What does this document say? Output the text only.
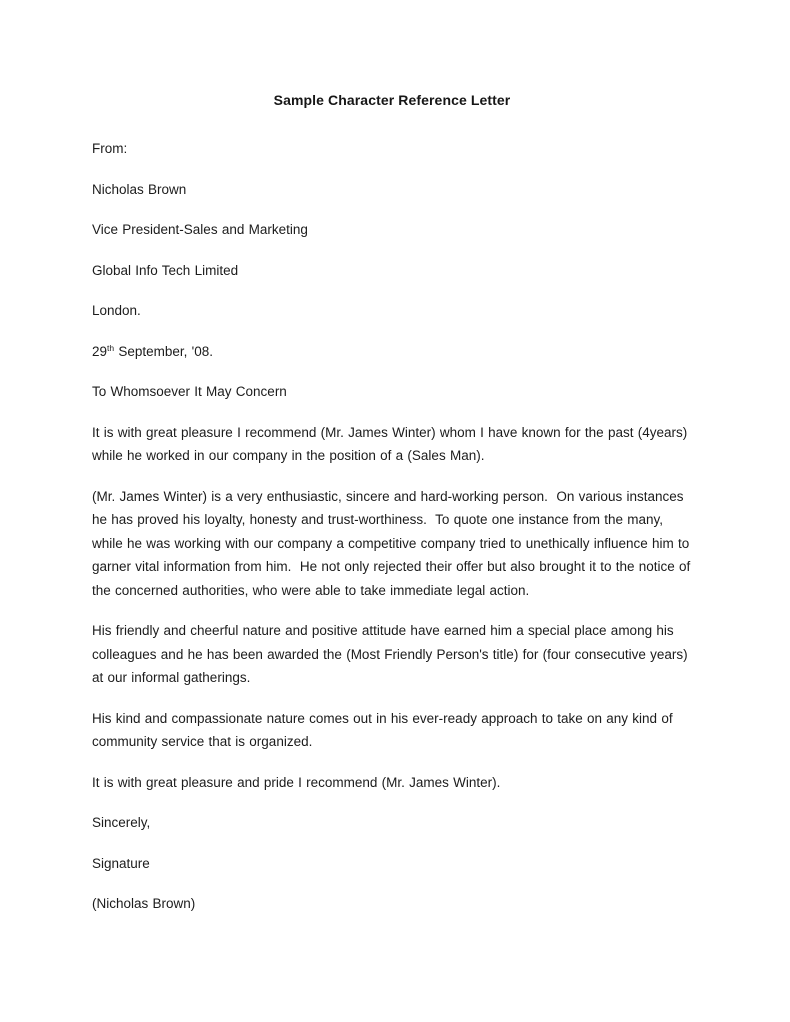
Sample Character Reference Letter

From:

Nicholas Brown

Vice President-Sales and Marketing

Global Info Tech Limited

London.

29th September, '08.

To Whomsoever It May Concern

It is with great pleasure I recommend (Mr. James Winter) whom I have known for the past (4years) while he worked in our company in the position of a (Sales Man).

(Mr. James Winter) is a very enthusiastic, sincere and hard-working person.  On various instances he has proved his loyalty, honesty and trust-worthiness.  To quote one instance from the many, while he was working with our company a competitive company tried to unethically influence him to garner vital information from him.  He not only rejected their offer but also brought it to the notice of the concerned authorities, who were able to take immediate legal action.

His friendly and cheerful nature and positive attitude have earned him a special place among his colleagues and he has been awarded the (Most Friendly Person's title) for (four consecutive years) at our informal gatherings.

His kind and compassionate nature comes out in his ever-ready approach to take on any kind of community service that is organized.

It is with great pleasure and pride I recommend (Mr. James Winter).

Sincerely,

Signature

(Nicholas Brown)
